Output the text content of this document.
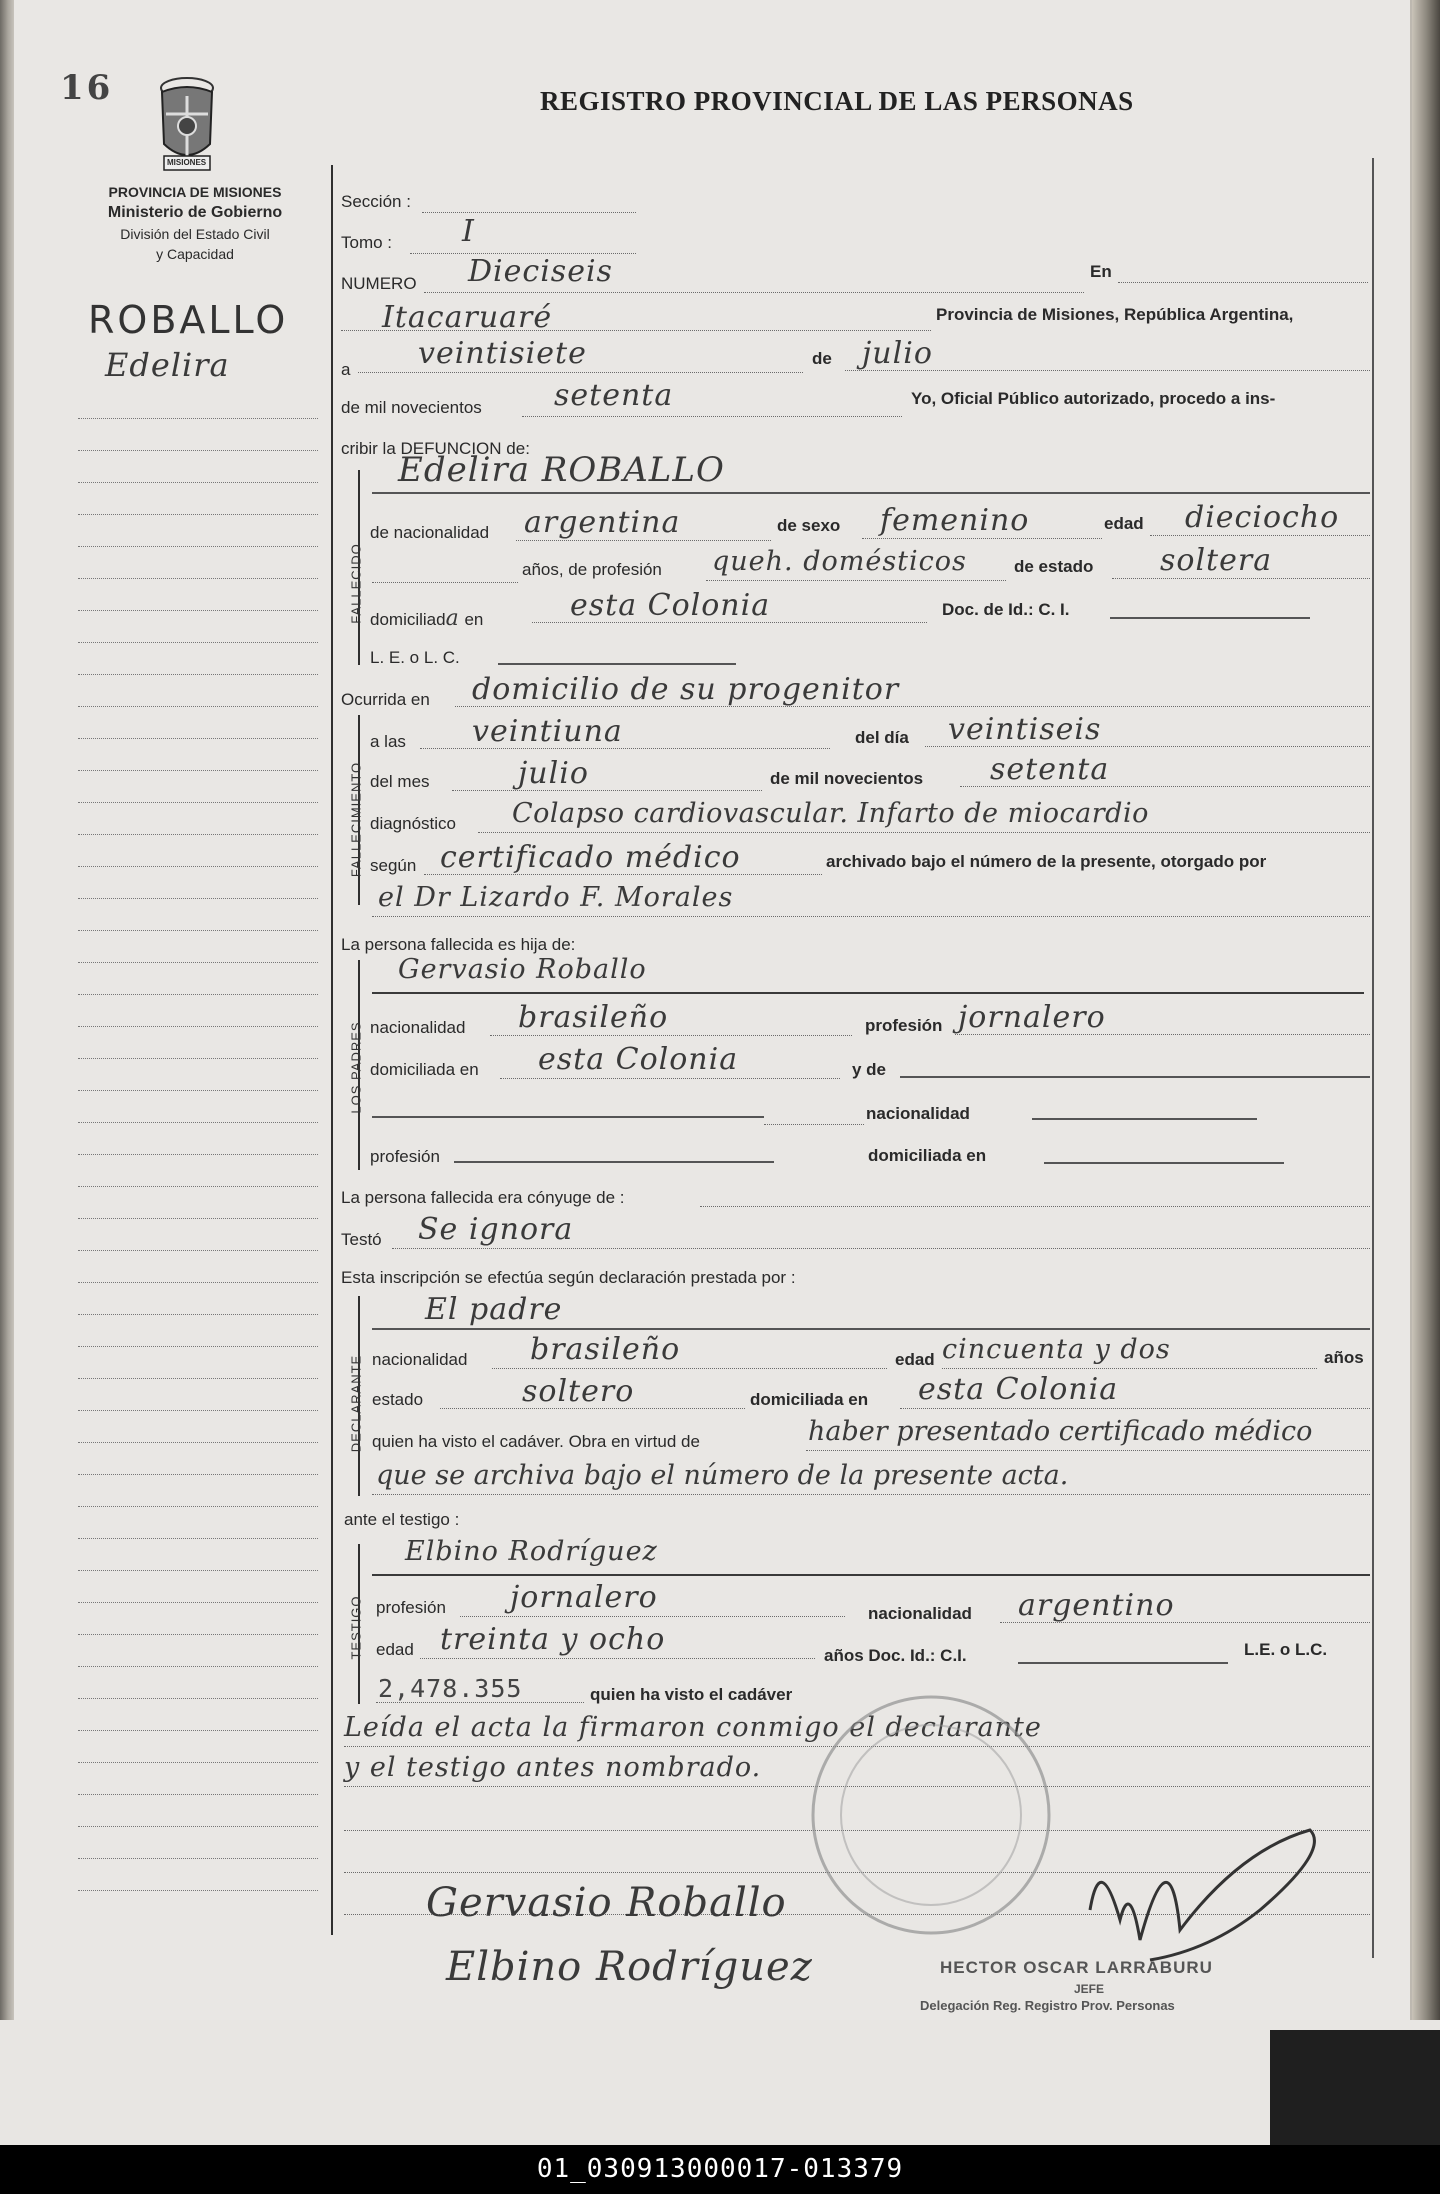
16
MISIONES
REGISTRO PROVINCIAL DE LAS PERSONAS
PROVINCIA DE MISIONES
Ministerio de Gobierno
División del Estado Civil
y Capacidad
ROBALLO
Edelira
Sección :
Tomo : I
NUMERO Dieciseis	En
Itacaruaré	Provincia de Misiones, República Argentina,
a veintisiete	de julio
de mil novecientos setenta	Yo, Oficial Público autorizado, procedo a ins-
cribir la DEFUNCION de:
FALLECIDO
Edelira ROBALLO
de nacionalidad argentina	de sexo femenino	edad dieciocho
años, de profesión queh. domésticos	de estado soltera
domiciliada en	esta Colonia	Doc. de Id.: C. I.
L. E. o L. C.
Ocurrida en domicilio de su progenitor
FALLECIMIENTO
a las veintiuna	del día veintiseis
del mes	julio	de mil novecientos setenta
diagnóstico Colapso cardiovascular. Infarto de miocardio
según certificado médico	archivado bajo el número de la presente, otorgado por
el Dr Lizardo F. Morales
La persona fallecida es hija de:
LOS PADRES
Gervasio Roballo
nacionalidad brasileño	profesión jornalero
domiciliada en esta Colonia	y de
nacionalidad
profesión	domiciliada en
La persona fallecida era cónyuge de :
Testó Se ignora
Esta inscripción se efectúa según declaración prestada por :
DECLARANTE
El padre
nacionalidad brasileño	edad cincuenta y dos	años
estado	soltero	domiciliada en esta Colonia
quien ha visto el cadáver. Obra en virtud de	haber presentado certificado médico
que se archiva bajo el número de la presente acta.
ante el testigo :
TESTIGO
Elbino Rodríguez
profesión jornalero	nacionalidad argentino
edad treinta y ocho	años Doc. Id.: C.I.	L.E. o L.C.
2,478.355	quien ha visto el cadáver
Leída el acta la firmaron conmigo el declarante
y el testigo antes nombrado.
Gervasio Roballo
Elbino Rodríguez	HECTOR OSCAR LARRABURU
JEFE
Delegación Reg. Registro Prov. Personas
01_030913000017-013379
